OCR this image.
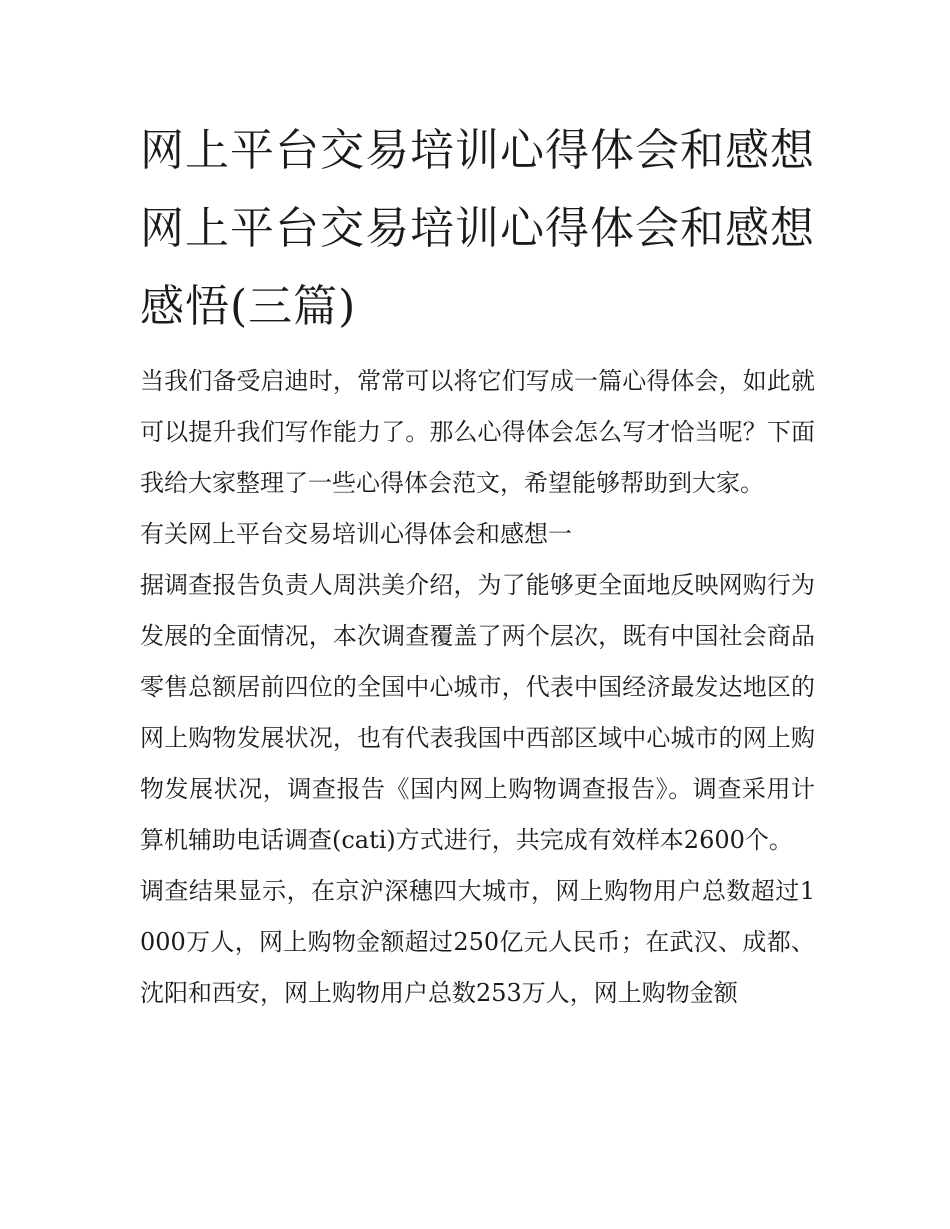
网上平台交易培训心得体会和感想 网上平台交易培训心得体会和感想感悟(三篇)

当我们备受启迪时，常常可以将它们写成一篇心得体会，如此就可以提升我们写作能力了。那么心得体会怎么写才恰当呢？下面我给大家整理了一些心得体会范文，希望能够帮助到大家。

有关网上平台交易培训心得体会和感想一

据调查报告负责人周洪美介绍，为了能够更全面地反映网购行为发展的全面情况，本次调查覆盖了两个层次，既有中国社会商品零售总额居前四位的全国中心城市，代表中国经济最发达地区的网上购物发展状况，也有代表我国中西部区域中心城市的网上购物发展状况，调查报告《国内网上购物调查报告》。调查采用计算机辅助电话调查(cati)方式进行，共完成有效样本2600个。

调查结果显示，在京沪深穗四大城市，网上购物用户总数超过1000万人，网上购物金额超过250亿元人民币；在武汉、成都、沈阳和西安，网上购物用户总数253万人，网上购物金额
